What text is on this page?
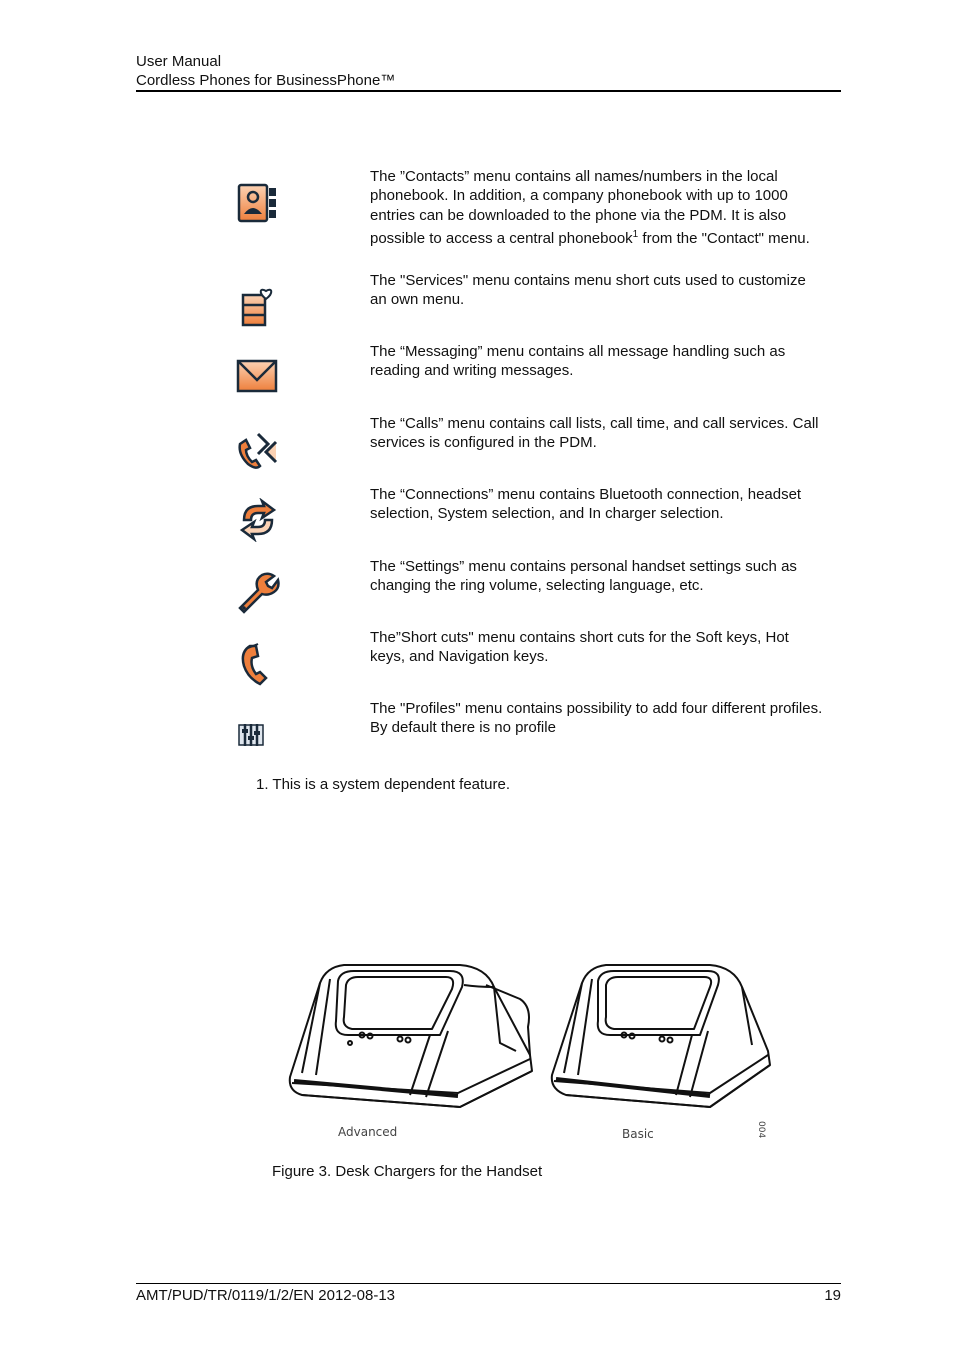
User Manual
Cordless Phones for BusinessPhone™
The ”Contacts” menu contains all names/numbers in the local phonebook. In addition, a company phonebook with up to 1000 entries can be downloaded to the phone via the PDM. It is also possible to access a central phonebook$^1$ from the "Contact" menu.
The "Services" menu contains menu short cuts used to customize an own menu.
The “Messaging” menu contains all message handling such as reading and writing messages.
The “Calls” menu contains call lists, call time, and call services. Call services is configured in the PDM.
The “Connections” menu contains Bluetooth connection, headset selection, System selection, and In charger selection.
The “Settings” menu contains personal handset settings such as changing the ring volume, selecting language, etc.
The”Short cuts" menu contains short cuts for the Soft keys, Hot keys, and Navigation keys.
The "Profiles" menu contains possibility to add four different profiles. By default there is no profile
1. This is a system dependent feature.
Advanced	Basic	004
Figure 3. Desk Chargers for the Handset
AMT/PUD/TR/0119/1/2/EN 2012-08-13	19
